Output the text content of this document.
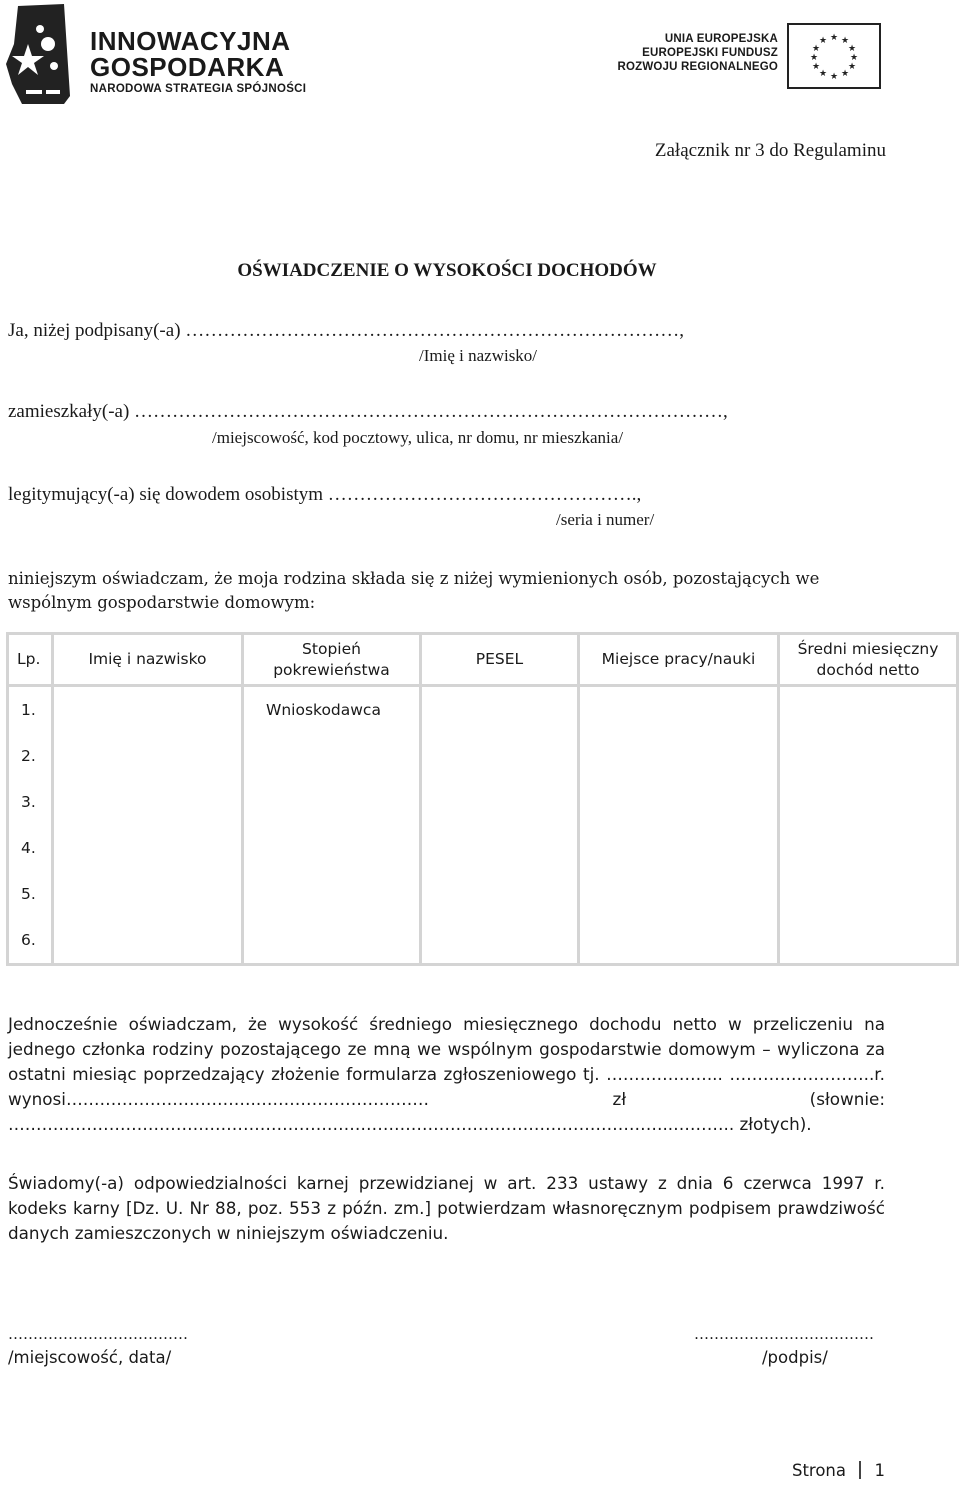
INNOWACYJNA
GOSPODARKA
NARODOWA STRATEGIA SPÓJNOŚCI
UNIA EUROPEJSKA
EUROPEJSKI FUNDUSZ
ROZWOJU REGIONALNEGO
★ ★
★
★
★
★
★
★
★
★
★
★
Załącznik nr 3 do Regulaminu
OŚWIADCZENIE O WYSOKOŚCI DOCHODÓW
Ja, niżej podpisany(-a) ……………………………………………………………………,
/Imię i nazwisko/
zamieszkały(-a) …………………………………………………………………………………,
/miejscowość, kod pocztowy, ulica, nr domu, nr mieszkania/
legitymujący(-a) się dowodem osobistym ………………………………………….,
/seria i numer/
niniejszym oświadczam, że moja rodzina składa się z niżej wymienionych osób, pozostających we wspólnym gospodarstwie domowym:
Lp.	Imię i nazwisko	Stopień pokrewieństwa	PESEL	Miejsce pracy/nauki	Średni miesięczny dochód netto
1.		Wnioskodawca			
2.					
3.					
4.					
5.					
6.					
Jednocześnie oświadczam, że wysokość średniego miesięcznego dochodu netto w przeliczeniu na jednego członka rodziny pozostającego ze mną we wspólnym gospodarstwie domowym – wyliczona za ostatni miesiąc poprzedzający złożenie formularza zgłoszeniowego tj. ………………... ……………………..r. wynosi……………………………..………………………… zł (słownie: ………………………………………………………………………………………………………..……….. złotych).
Świadomy(-a) odpowiedzialności karnej przewidzianej w art. 233 ustawy z dnia 6 czerwca 1997 r. kodeks karny [Dz. U. Nr 88, poz. 553 z późn. zm.] potwierdzam własnoręcznym podpisem prawdziwość danych zamieszczonych w niniejszym oświadczeniu.
………………………………
/miejscowość, data/
………………………………
/podpis/
Strona 1
